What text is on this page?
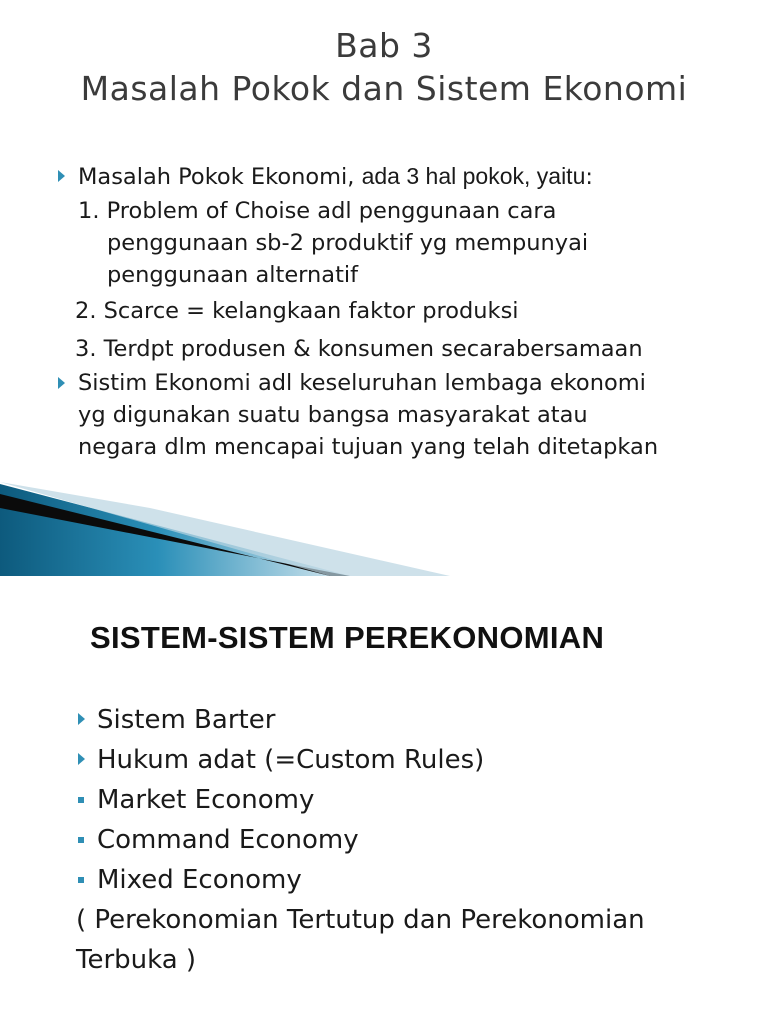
Bab 3
Masalah Pokok dan Sistem Ekonomi
Masalah Pokok Ekonomi, ada 3 hal pokok, yaitu:
1. Problem of Choise adl penggunaan cara
penggunaan sb-2 produktif yg mempunyai
penggunaan alternatif
2. Scarce = kelangkaan faktor produksi
3. Terdpt produsen & konsumen secarabersamaan
Sistim Ekonomi adl keseluruhan lembaga ekonomi
yg digunakan suatu bangsa masyarakat atau
negara dlm mencapai tujuan yang telah ditetapkan
SISTEM-SISTEM PEREKONOMIAN
Sistem Barter
Hukum adat (=Custom Rules)
Market Economy
Command Economy
Mixed Economy
( Perekonomian Tertutup dan Perekonomian
Terbuka )
